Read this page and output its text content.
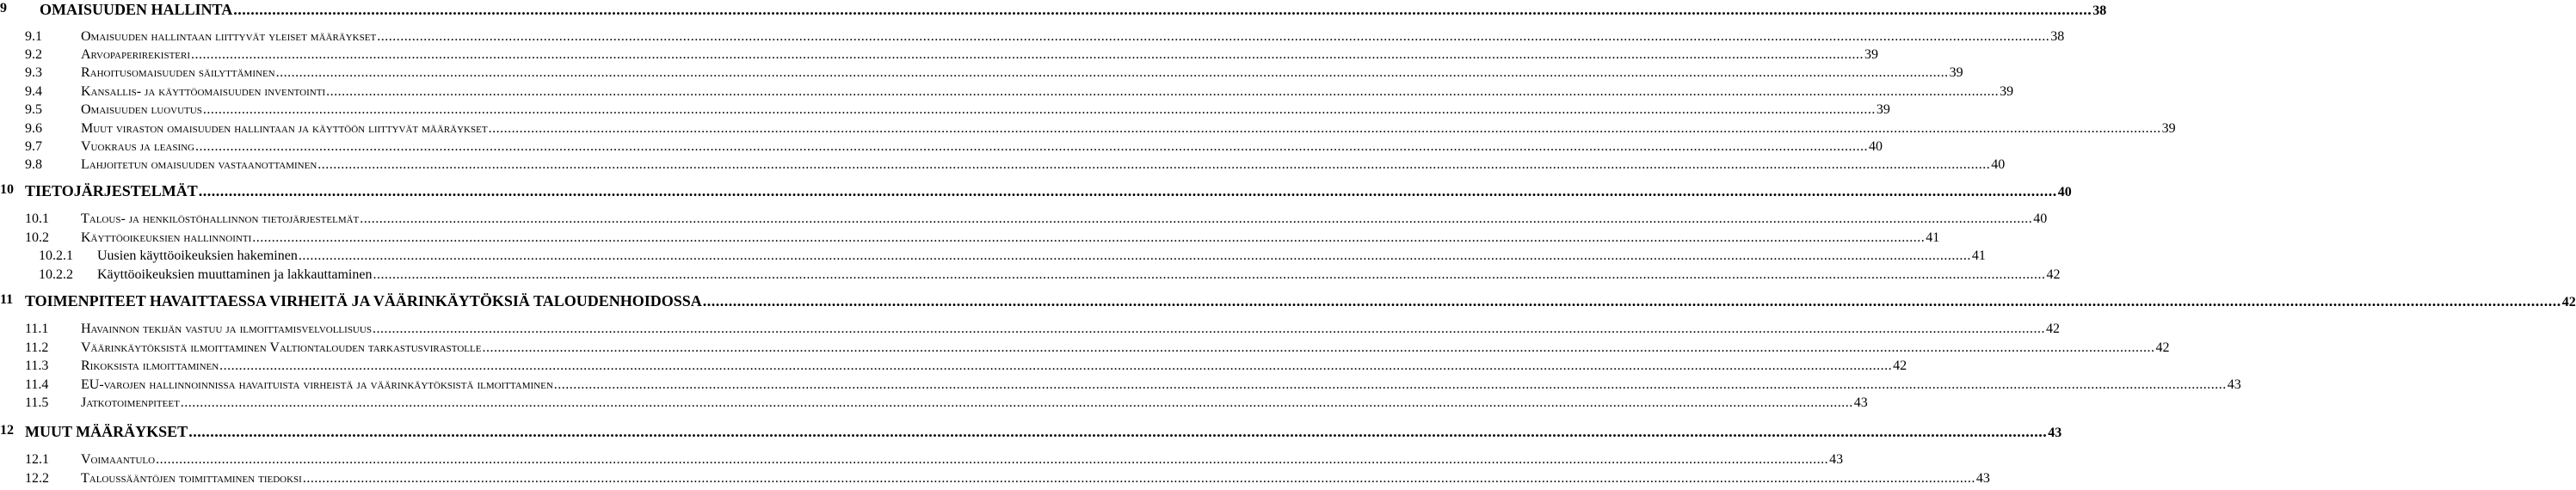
9 OMAISUUDEN HALLINTA .....	38
9.1	Omaisuuden hallintaan liittyvät yleiset määräykset .....	38
9.2	Arvopaperirekisteri .....	39
9.3	Rahoitusomaisuuden säilyttäminen .....	39
9.4	Kansallis- ja käyttöomaisuuden inventointi .....	39
9.5	Omaisuuden luovutus .....	39
9.6	Muut viraston omaisuuden hallintaan ja käyttöön liittyvät määräykset .....	39
9.7	Vuokraus ja leasing .....	40
9.8	Lahjoitetun omaisuuden vastaanottaminen .....	40
10 TIETOJÄRJESTELMÄT .....	40
10.1 Talous- ja henkilöstöhallinnon tietojärjestelmät .....	40
10.2 Käyttöoikeuksien hallinnointi .....	41
10.2.1 Uusien käyttöoikeuksien hakeminen .....	41
10.2.2 Käyttöoikeuksien muuttaminen ja lakkauttaminen .....	42
11 TOIMENPITEET HAVAITTAESSA VIRHEITÄ JA VÄÄRINKÄYTÖKSIÄ TALOUDENHOIDOSSA .....	42
11.1 Havainnon tekijän vastuu ja ilmoittamisvelvollisuus .....	42
11.2 Väärinkäytöksistä ilmoittaminen Valtiontalouden tarkastusvirastolle .....	42
11.3 Rikoksista ilmoittaminen .....	42
11.4 EU-varojen hallinnoinnissa havaituista virheistä ja väärinkäytöksistä ilmoittaminen .....	43
11.5 Jatkotoimenpiteet .....	43
12 MUUT MÄÄRÄYKSET .....	43
12.1 Voimaantulo .....	43
12.2 Taloussääntöjen toimittaminen tiedoksi .....	43
